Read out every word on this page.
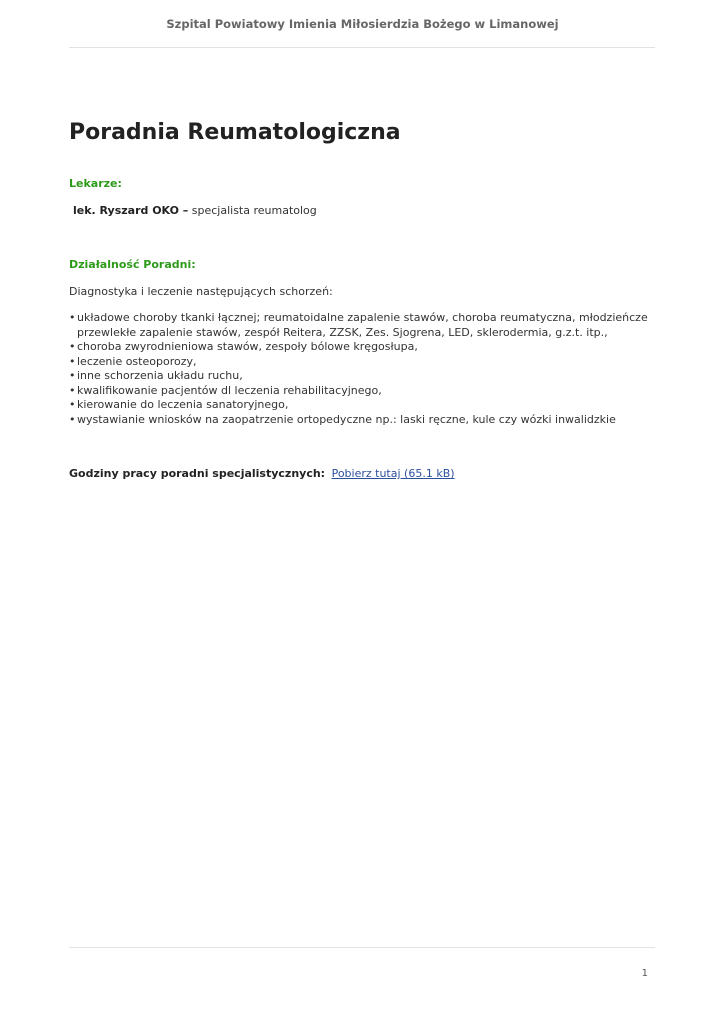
Szpital Powiatowy Imienia Miłosierdzia Bożego w Limanowej
Poradnia Reumatologiczna
Lekarze:
lek. Ryszard OKO – specjalista reumatolog
Działalność Poradni:
Diagnostyka i leczenie następujących schorzeń:
• układowe choroby tkanki łącznej; reumatoidalne zapalenie stawów, choroba reumatyczna, młodzieńcze przewlekłe zapalenie stawów, zespół Reitera, ZZSK, Zes. Sjogrena, LED, sklerodermia, g.z.t. itp.,
• choroba zwyrodnieniowa stawów, zespoły bólowe kręgosłupa,
• leczenie osteoporozy,
• inne schorzenia układu ruchu,
• kwalifikowanie pacjentów dl leczenia rehabilitacyjnego,
• kierowanie do leczenia sanatoryjnego,
• wystawianie wniosków na zaopatrzenie ortopedyczne np.: laski ręczne, kule czy wózki inwalidzkie
Godziny pracy poradni specjalistycznych: Pobierz tutaj (65.1 kB)
1
